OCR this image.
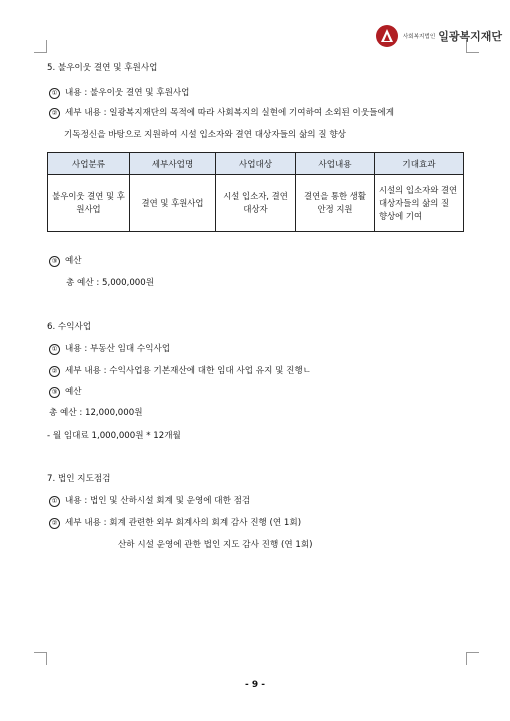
사회복지법인 일광복지재단
5. 불우이웃 결연 및 후원사업
① 내용 : 불우이웃 결연 및 후원사업
② 세부 내용 : 일광복지재단의 목적에 따라 사회복지의 실현에 기여하여 소외된 이웃들에게
기독정신을 바탕으로 지원하여 시설 입소자와 결연 대상자들의 삶의 질 향상
사업분류	세부사업명	사업대상	사업내용	기대효과
불우이웃 결연 및 후원사업	결연 및 후원사업	시설 입소자, 결연 대상자	결연을 통한 생활안정 지원	시설의 입소자와 결연 대상자들의 삶의 질 향상에 기여
③ 예산
총 예산 : 5,000,000원
6. 수익사업
① 내용 : 부동산 임대 수익사업
② 세부 내용 : 수익사업용 기본재산에 대한 임대 사업 유지 및 진행ㄴ
③ 예산
총 예산 : 12,000,000원
- 월 임대료 1,000,000원 * 12개월
7. 법인 지도점검
① 내용 : 법인 및 산하시설 회계 및 운영에 대한 점검
② 세부 내용 : 회계 관련한 외부 회계사의 회계 감사 진행 (연 1회)
산하 시설 운영에 관한 법인 지도 감사 진행 (연 1회)
- 9 -
